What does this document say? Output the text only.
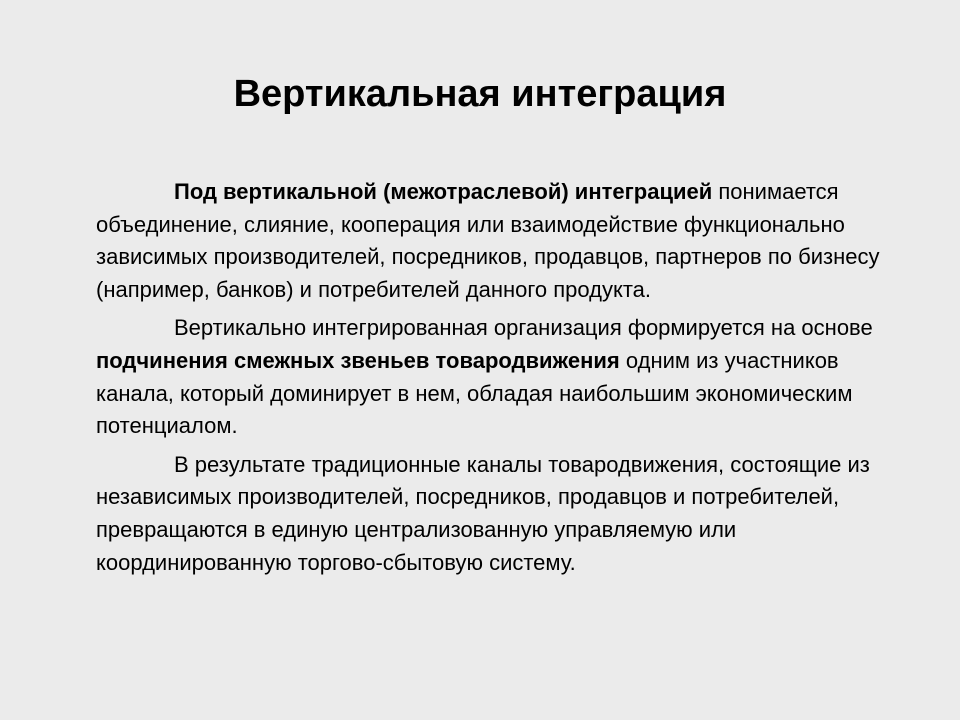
Вертикальная интеграция

Под вертикальной (межотраслевой) интеграцией понимается объединение, слияние, кооперация или взаимодействие функционально зависимых производителей, посредников, продавцов, партнеров по бизнесу (например, банков) и потребителей данного продукта.

Вертикально интегрированная организация формируется на основе подчинения смежных звеньев товародвижения одним из участников канала, который доминирует в нем, обладая наибольшим экономическим потенциалом.

В результате традиционные каналы товародвижения, состоящие из независимых производителей, посредников, продавцов и потребителей, превращаются в единую централизованную управляемую или координированную торгово-сбытовую систему.
